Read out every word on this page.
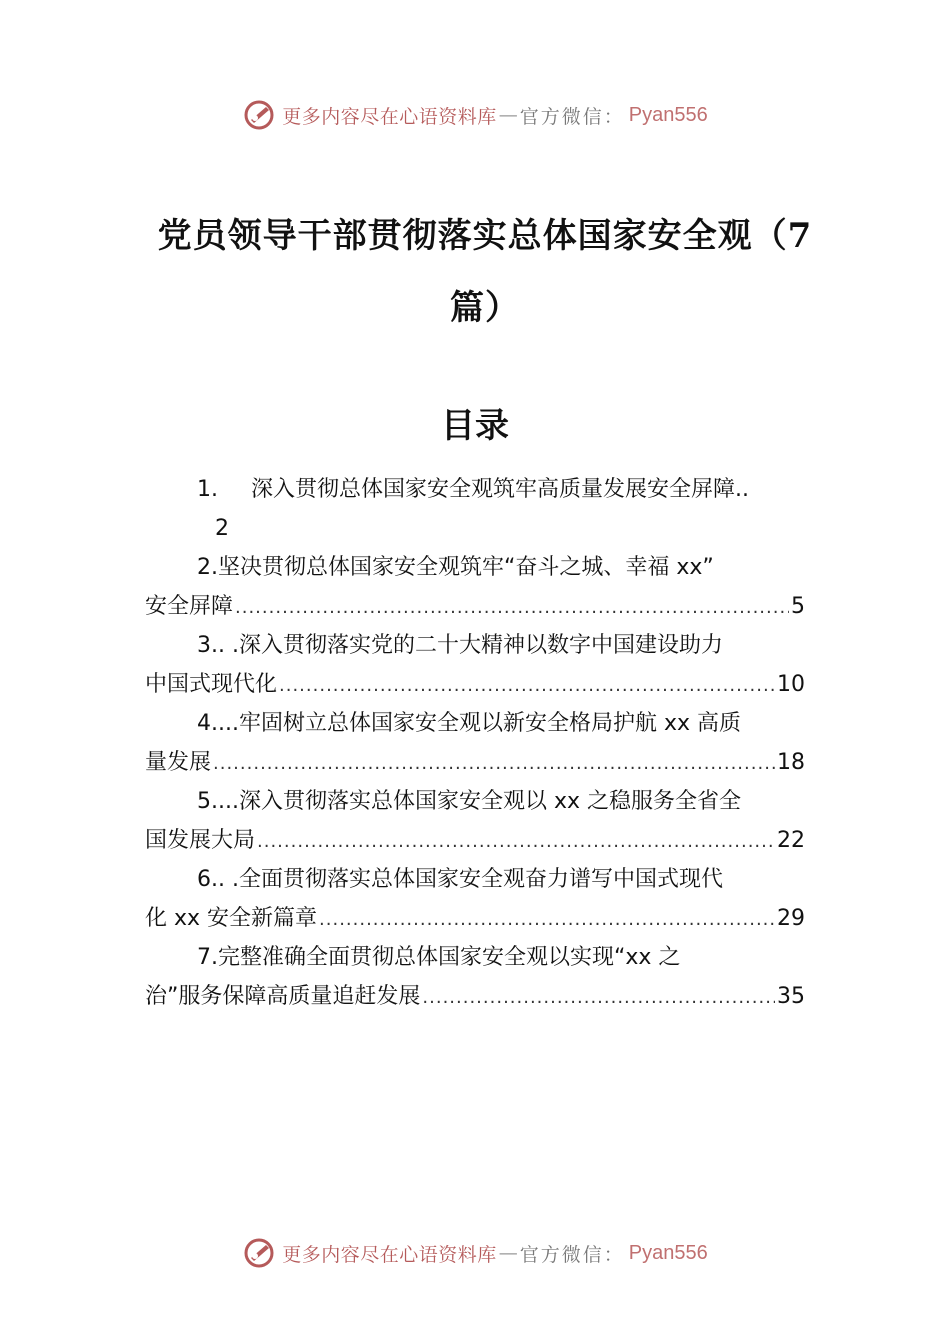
更多内容尽在心语资料库 — 官方微信： Pyan556
党员领导干部贯彻落实总体国家安全观（7
篇）
目录
1. 深入贯彻总体国家安全观筑牢高质量发展安全屏障..
2
2.坚决贯彻总体国家安全观筑牢“奋斗之城、幸福 xx”
安全屏障 .....	5
3.. .深入贯彻落实党的二十大精神以数字中国建设助力
中国式现代化 .....	10
4....牢固树立总体国家安全观以新安全格局护航 xx 高质
量发展 .....	18
5....深入贯彻落实总体国家安全观以 xx 之稳服务全省全
国发展大局 .....	22
6.. .全面贯彻落实总体国家安全观奋力谱写中国式现代
化 xx 安全新篇章 .....	29
7.完整准确全面贯彻总体国家安全观以实现“xx 之
治”服务保障高质量追赶发展 .....	35
更多内容尽在心语资料库 — 官方微信： Pyan556
